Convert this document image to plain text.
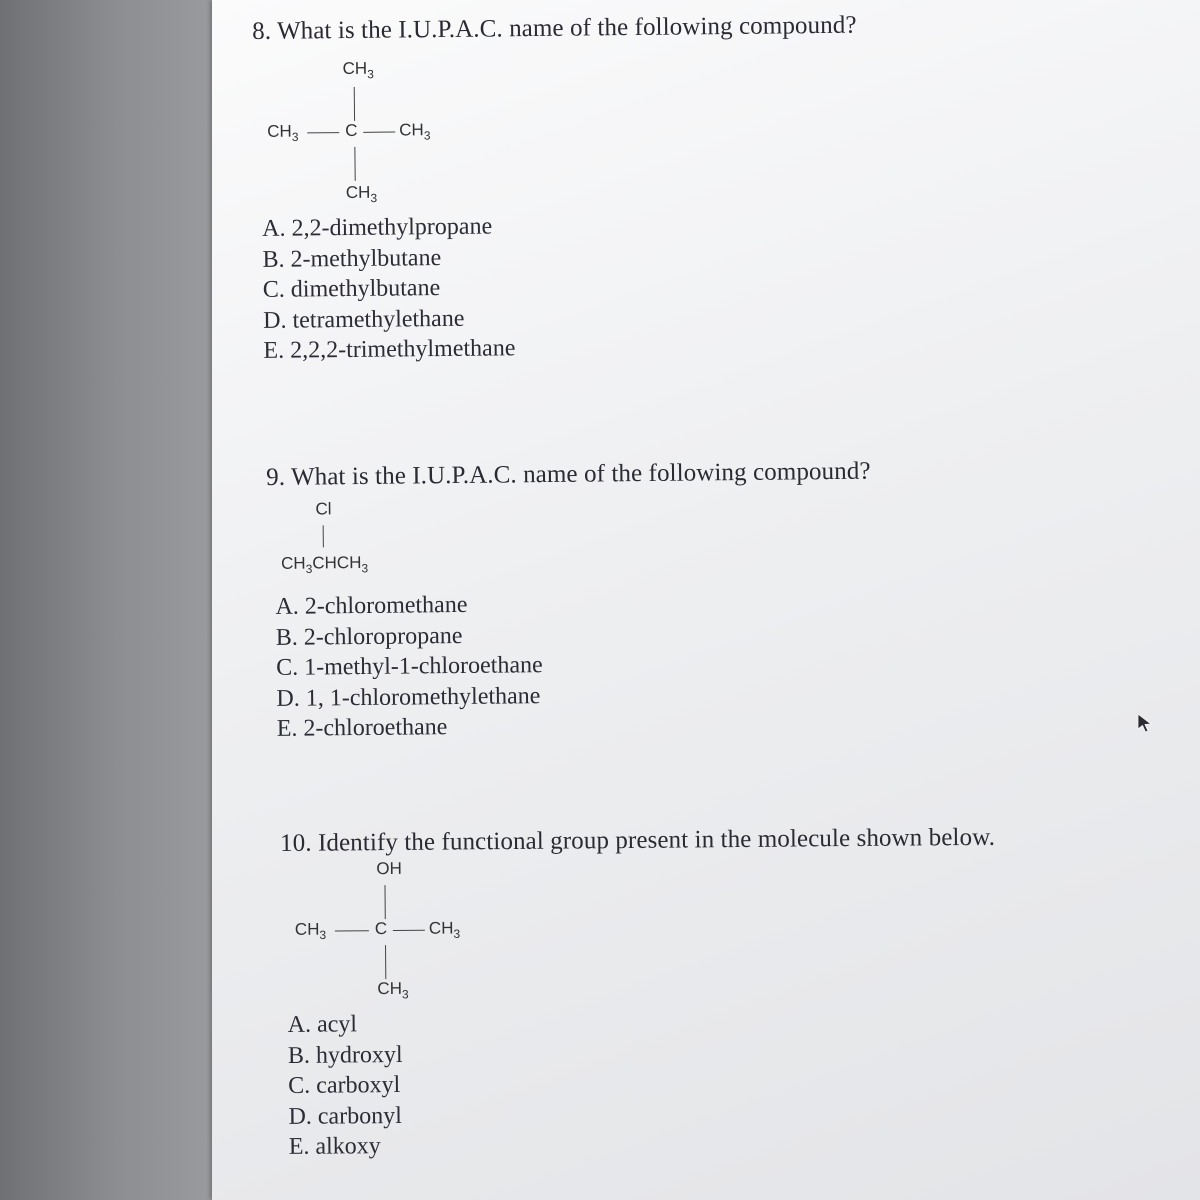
8. What is the I.U.P.A.C. name of the following compound?
$CH_3$
$CH_3$	C $CH_3$
$CH_3$
A. 2,2-dimethylpropane
B. 2-methylbutane
C. dimethylbutane
D. tetramethylethane
E. 2,2,2-trimethylmethane
9. What is the I.U.P.A.C. name of the following compound?
Cl
$CH_3CHCH_3$
A. 2-chloromethane
B. 2-chloropropane
C. 1-methyl-1-chloroethane
D. 1, 1-chloromethylethane
E. 2-chloroethane
10. Identify the functional group present in the molecule shown below.
OH
$CH_3$	C $CH_3$
$CH_3$
A. acyl
B. hydroxyl
C. carboxyl
D. carbonyl
E. alkoxy
